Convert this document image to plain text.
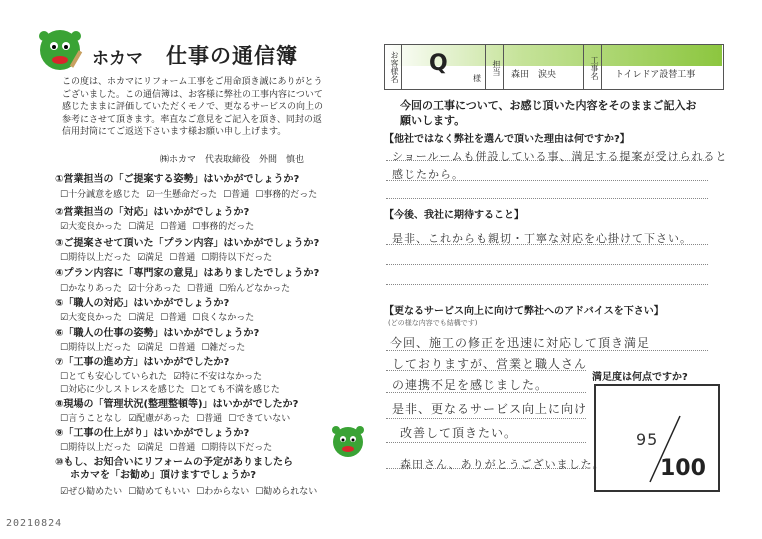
ホカマ 仕事の通信簿
この度は、ホカマにリフォーム工事をご用命頂き誠にありがとうございました。この通信簿は、お客様に弊社の工事内容について感じたままに評価していただくモノで、更なるサービスの向上の参考にさせて頂きます。率直なご意見をご記入を頂き、同封の返信用封筒にてご返送下さいます様お願い申し上げます。
㈱ホカマ　代表取締役　外間　慎也
①営業担当の「ご提案する姿勢」はいかがでしょうか?
☐十分誠意を感じた ☑一生懸命だった ☐普通 ☐事務的だった
②営業担当の「対応」はいかがでしょうか?
☑大変良かった ☐満足 ☐普通 ☐事務的だった
③ご提案させて頂いた「プラン内容」はいかがでしょうか?
☐期待以上だった ☑満足 ☐普通 ☐期待以下だった
④プラン内容に「専門家の意見」はありましたでしょうか?
☐かなりあった ☑十分あった ☐普通 ☐殆んどなかった
⑤「職人の対応」はいかがでしょうか?
☑大変良かった ☐満足 ☐普通 ☐良くなかった
⑥「職人の仕事の姿勢」はいかがでしょうか?
☐期待以上だった ☑満足 ☐普通 ☐雑だった
⑦「工事の進め方」はいかがでしたか?
☐とても安心していられた ☑特に不安はなかった
☐対応に少しストレスを感じた ☐とても不満を感じた
⑧現場の「管理状況(整理整頓等)」はいかがでしたか?
☐言うことなし ☑配慮があった ☐普通 ☐できていない
⑨「工事の仕上がり」はいかがでしょうか?
☐期待以上だった ☑満足 ☐普通 ☐期待以下だった
⑩もし、お知合いにリフォームの予定がありましたら
ホカマを「お勧め」頂けますでしょうか?
☑ぜひ勧めたい ☐勧めてもいい ☐わからない ☐勧められない
お客様名 Q
様
担当 森田　涙央	工事名 トイレドア設替工事
今回の工事について、お感じ頂いた内容をそのままご記入お願いします。
【他社ではなく弊社を選んで頂いた理由は何ですか?】
ショールームも併設している事、満足する提案が受けられると
感じたから。
【今後、我社に期待すること】
是非、これからも親切・丁寧な対応を心掛けて下さい。
【更なるサービス向上に向けて弊社へのアドバイスを下さい】
(どの様な内容でも結構です)
今回、施工の修正を迅速に対応して頂き満足
しておりますが、営業と職人さん
の連携不足を感じました。
是非、更なるサービス向上に向け
改善して頂きたい。
森田さん、ありがとうございました。
満足度は何点ですか?
95
100
20210824
